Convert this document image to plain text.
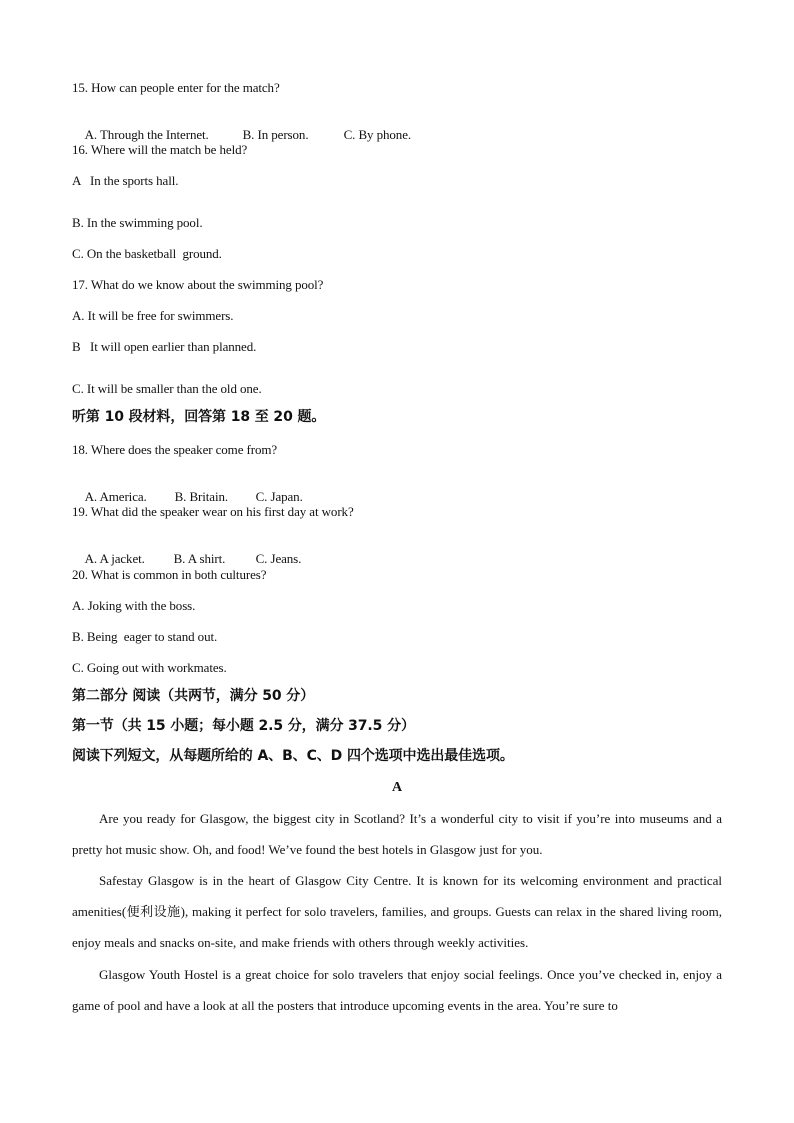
15. How can people enter for the match?

A. Through the Internet.	B. In person.	C. By phone.

16. Where will the match be held?
A   In the sports hall.
B. In the swimming pool.
C. On the basketball  ground.
17. What do we know about the swimming pool?
A. It will be free for swimmers.
B   It will open earlier than planned.
C. It will be smaller than the old one.
听第 10 段材料，回答第 18 至 20 题。
18. Where does the speaker come from?

A. America. B. Britain. C. Japan.

19. What did the speaker wear on his first day at work?

A. A jacket. B. A shirt. C. Jeans.

20. What is common in both cultures?
A. Joking with the boss.
B. Being  eager to stand out.
C. Going out with workmates.
第二部分 阅读（共两节，满分 50 分）
第一节（共 15 小题；每小题 2.5 分，满分 37.5 分）
阅读下列短文，从每题所给的 A、B、C、D 四个选项中选出最佳选项。
A
Are you ready for Glasgow, the biggest city in Scotland? It’s a wonderful city to visit if you’re into museums and a pretty hot music show. Oh, and food! We’ve found the best hotels in Glasgow just for you.
Safestay Glasgow is in the heart of Glasgow City Centre. It is known for its welcoming environment and practical amenities(便利设施), making it perfect for solo travelers, families, and groups. Guests can relax in the shared living room, enjoy meals and snacks on-site, and make friends with others through weekly activities.
Glasgow Youth Hostel is a great choice for solo travelers that enjoy social feelings. Once you’ve checked in, enjoy a game of pool and have a look at all the posters that introduce upcoming events in the area. You’re sure to
